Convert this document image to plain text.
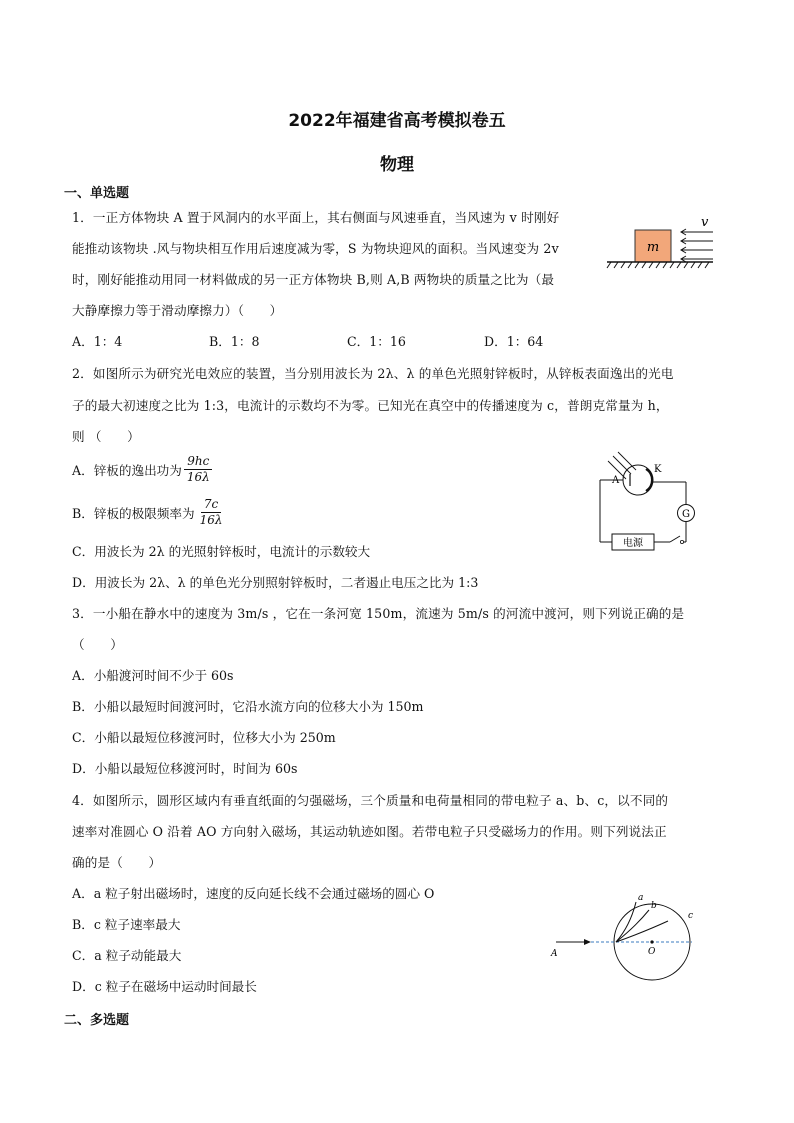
2022年福建省高考模拟卷五
物理
一、单选题
1．一正方体物块 A 置于风洞内的水平面上，其右侧面与风速垂直，当风速为 v 时刚好
能推动该物块 .风与物块相互作用后速度减为零，S 为物块迎风的面积。当风速变为 2v
时，刚好能推动用同一材料做成的另一正方体物块 B,则 A,B 两物块的质量之比为（最
大静摩擦力等于滑动摩擦力）（　　）
A．1：4	B．1：8	C．1：16	D．1：64
m
v
2．如图所示为研究光电效应的装置，当分别用波长为 2λ、λ 的单色光照射锌板时，从锌板表面逸出的光电
子的最大初速度之比为 1:3，电流计的示数均不为零。已知光在真空中的传播速度为 c，普朗克常量为 h，
则 （　　）
A．锌板的逸出功为 $\frac{9hc}{16\lambda}$
B．锌板的极限频率为 $\frac{7c}{16\lambda}$
C．用波长为 2λ 的光照射锌板时，电流计的示数较大
D．用波长为 2λ、λ 的单色光分别照射锌板时，二者遏止电压之比为 1:3
A
K
G
电源
3．一小船在静水中的速度为 3m/s ，它在一条河宽 150m，流速为 5m/s 的河流中渡河，则下列说正确的是
（　　）
A．小船渡河时间不少于 60s
B．小船以最短时间渡河时，它沿水流方向的位移大小为 150m
C．小船以最短位移渡河时，位移大小为 250m
D．小船以最短位移渡河时，时间为 60s
4．如图所示，圆形区域内有垂直纸面的匀强磁场，三个质量和电荷量相同的带电粒子 a、b、c，以不同的
速率对准圆心 O 沿着 AO 方向射入磁场，其运动轨迹如图。若带电粒子只受磁场力的作用。则下列说法正
确的是（　　）
A．a 粒子射出磁场时，速度的反向延长线不会通过磁场的圆心 O
B．c 粒子速率最大
C．a 粒子动能最大
D．c 粒子在磁场中运动时间最长
a
b
c
A	O
二、多选题
